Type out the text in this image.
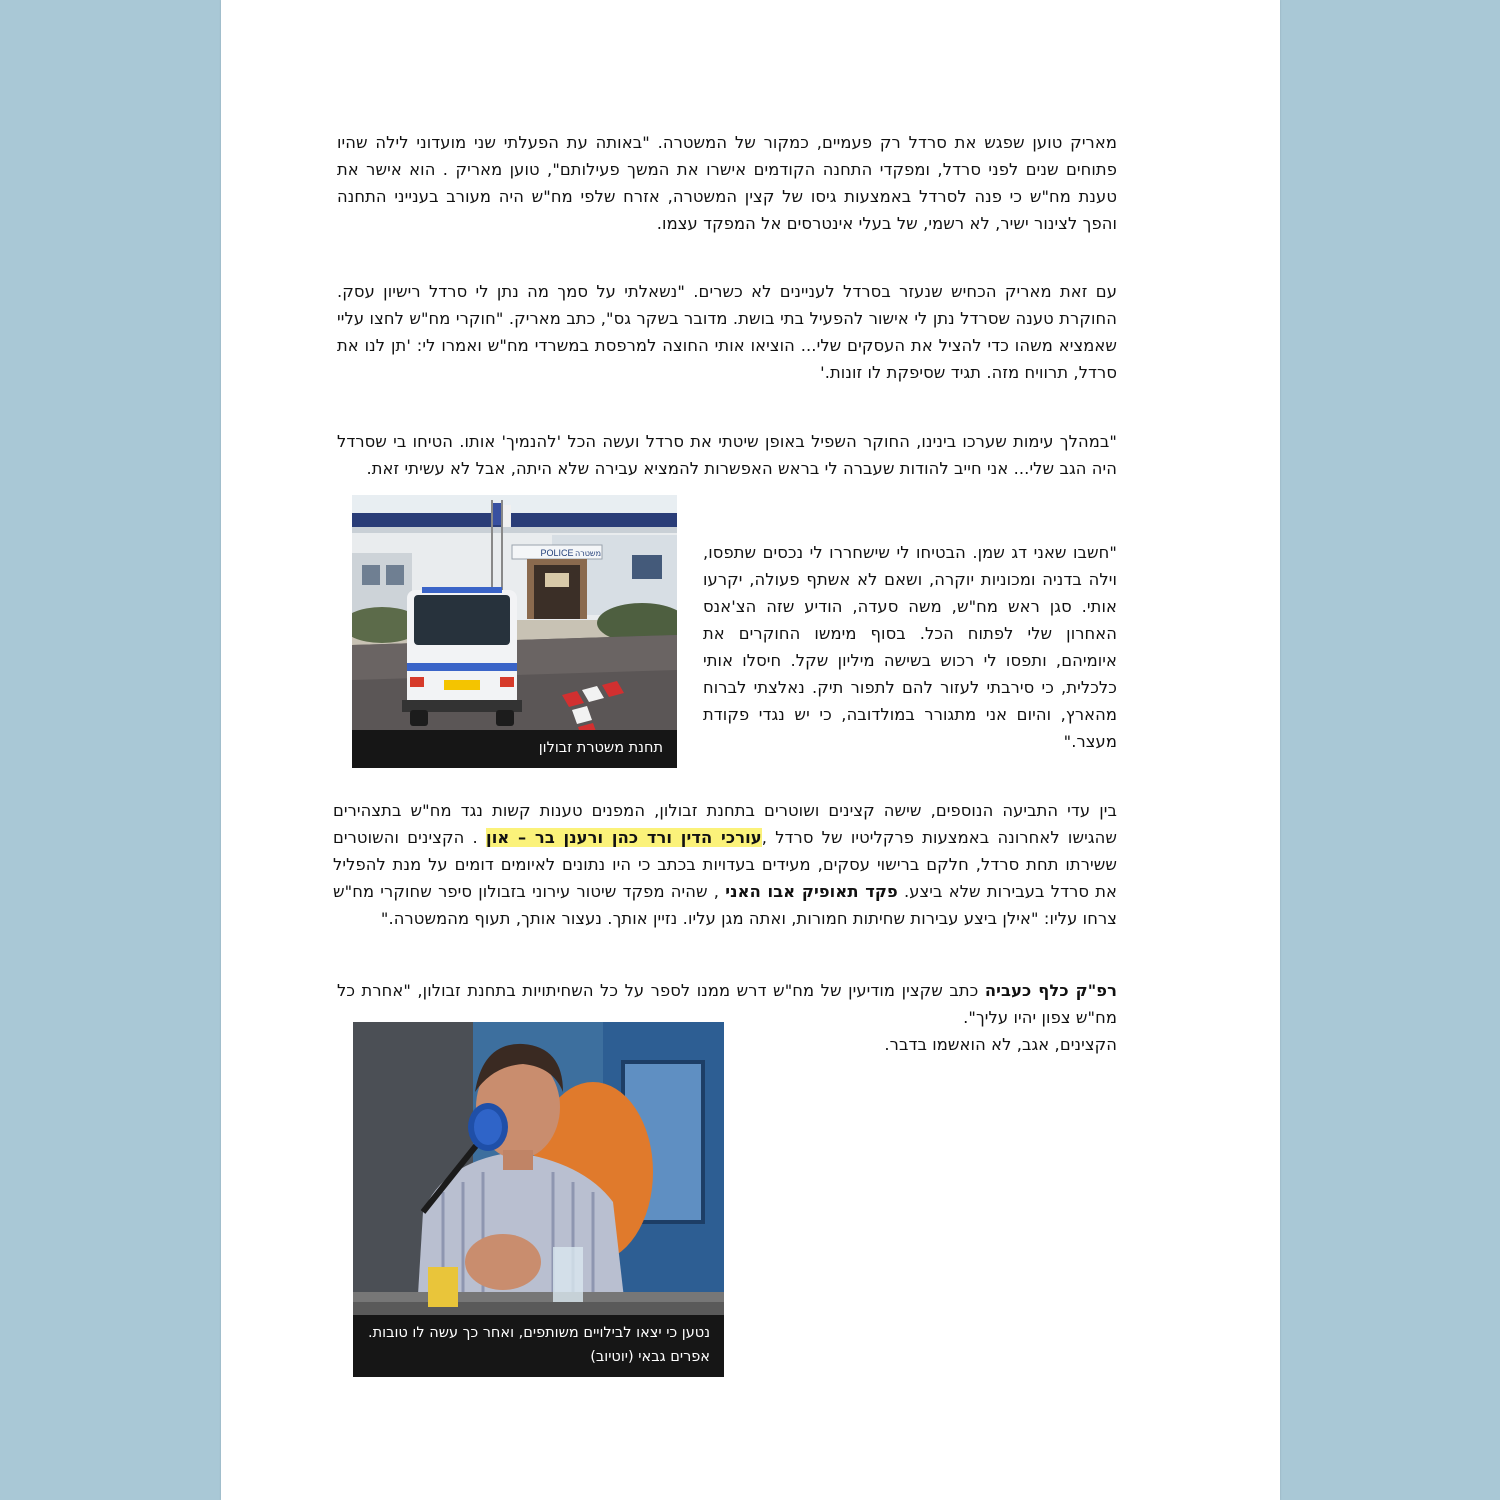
מאריק טוען שפגש את סרדל רק פעמיים, כמקור של המשטרה. "באותה עת הפעלתי שני מועדוני לילה שהיו פתוחים שנים לפני סרדל, ומפקדי התחנה הקודמים אישרו את המשך פעילותם", טוען מאריק . הוא אישר את טענת מח"ש כי פנה לסרדל באמצעות גיסו של קצין המשטרה, אזרח שלפי מח"ש היה מעורב בענייני התחנה והפך לצינור ישיר, לא רשמי, של בעלי אינטרסים אל המפקד עצמו.

עם זאת מאריק הכחיש שנעזר בסרדל לעניינים לא כשרים. "נשאלתי על סמך מה נתן לי סרדל רישיון עסק. החוקרת טענה שסרדל נתן לי אישור להפעיל בתי בושת. מדובר בשקר גס", כתב מאריק. "חוקרי מח"ש לחצו עליי שאמציא משהו כדי להציל את העסקים שלי... הוציאו אותי החוצה למרפסת במשרדי מח"ש ואמרו לי: 'תן לנו את סרדל, תרוויח מזה. תגיד שסיפקת לו זונות.'

"במהלך עימות שערכו בינינו, החוקר השפיל באופן שיטתי את סרדל ועשה הכל 'להנמיך' אותו. הטיחו בי שסרדל היה הגב שלי... אני חייב להודות שעברה לי בראש האפשרות להמציא עבירה שלא היתה, אבל לא עשיתי זאת.

POLICE משטרה
תחנת משטרת זבולון

"חשבו שאני דג שמן. הבטיחו לי שישחררו לי נכסים שתפסו, וילה בדניה ומכוניות יוקרה, ושאם לא אשתף פעולה, יקרעו אותי. סגן ראש מח"ש, משה סעדה, הודיע שזה הצ'אנס האחרון שלי לפתוח הכל. בסוף מימשו החוקרים את איומיהם, ותפסו לי רכוש בשישה מיליון שקל. חיסלו אותי כלכלית, כי סירבתי לעזור להם לתפור תיק. נאלצתי לברוח מהארץ, והיום אני מתגורר במולדובה, כי יש נגדי פקודת מעצר."

בין עדי התביעה הנוספים, שישה קצינים ושוטרים בתחנת זבולון, המפנים טענות קשות נגד מח"ש בתצהירים שהגישו לאחרונה באמצעות פרקליטיו של סרדל ,עורכי הדין ורד כהן ורענן בר – און . הקצינים והשוטרים ששירתו תחת סרדל, חלקם ברישוי עסקים, מעידים בעדויות בכתב כי היו נתונים לאיומים דומים על מנת להפליל את סרדל בעבירות שלא ביצע. פקד תאופיק אבו האני , שהיה מפקד שיטור עירוני בזבולון סיפר שחוקרי מח"ש צרחו עליו: "אילן ביצע עבירות שחיתות חמורות, ואתה מגן עליו. נזיין אותך. נעצור אותך, תעוף מהמשטרה."

רפ"ק כלף כעביה כתב שקצין מודיעין של מח"ש דרש ממנו לספר על כל השחיתויות בתחנת זבולון, "אחרת כל מח"ש צפון יהיו עליך".

הקצינים, אגב, לא הואשמו בדבר.

נטען כי יצאו לבילויים משותפים, ואחר כך עשה לו טובות. אפרים גבאי (יוטיוב)
